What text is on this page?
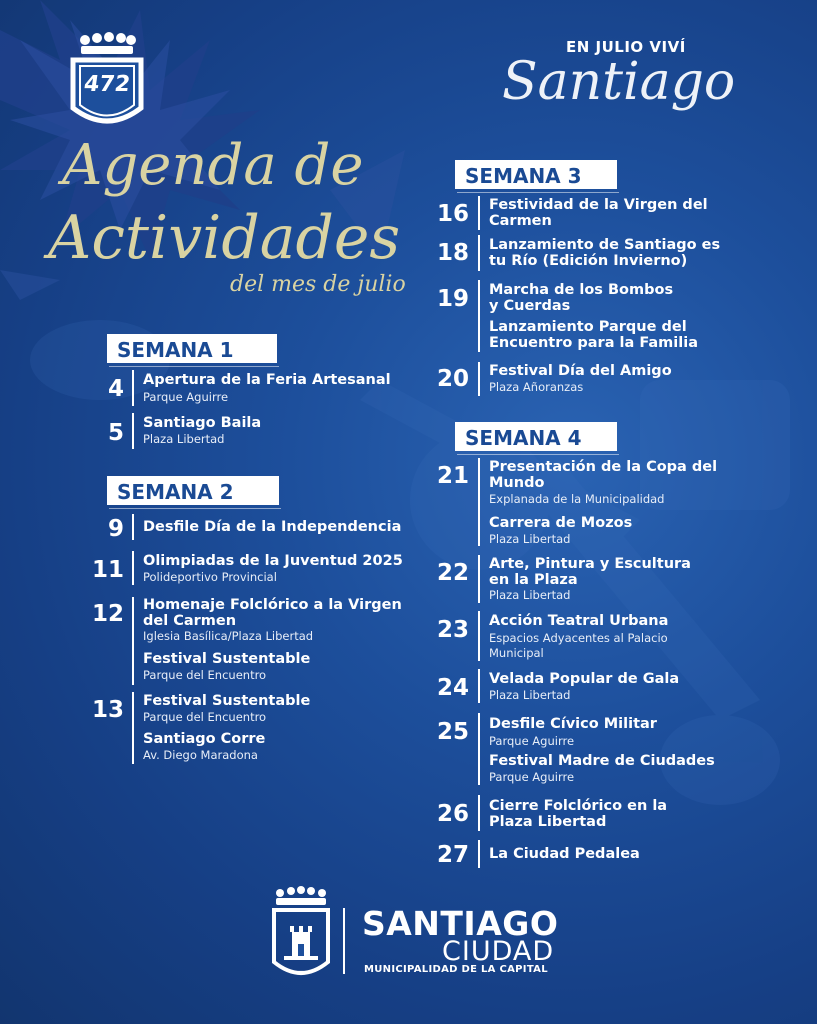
472
Agenda de
Actividades
del mes de julio
EN JULIO VIVÍ
Santiago
SEMANA 1
4 Apertura de la Feria Artesanal
Parque Aguirre
5 Santiago Baila
Plaza Libertad
SEMANA 2
9 Desfile Día de la Independencia
11 Olimpiadas de la Juventud 2025
Polideportivo Provincial
12 Homenaje Folclórico a la Virgen
del Carmen
Iglesia Basílica/Plaza Libertad
Festival Sustentable
Parque del Encuentro
13 Festival Sustentable
Parque del Encuentro
Santiago Corre
Av. Diego Maradona
SEMANA 3
16 Festividad de la Virgen del
Carmen
18 Lanzamiento de Santiago es
tu Río (Edición Invierno)
19 Marcha de los Bombos
y Cuerdas
Lanzamiento Parque del
Encuentro para la Familia
20 Festival Día del Amigo
Plaza Añoranzas
SEMANA 4
21 Presentación de la Copa del
Mundo
Explanada de la Municipalidad
Carrera de Mozos
Plaza Libertad
22 Arte, Pintura y Escultura
en la Plaza
Plaza Libertad
23 Acción Teatral Urbana
Espacios Adyacentes al Palacio
Municipal
24 Velada Popular de Gala
Plaza Libertad
25 Desfile Cívico Militar
Parque Aguirre
Festival Madre de Ciudades
Parque Aguirre
26 Cierre Folclórico en la
Plaza Libertad
27 La Ciudad Pedalea
SANTIAGO
CIUDAD
MUNICIPALIDAD DE LA CAPITAL
